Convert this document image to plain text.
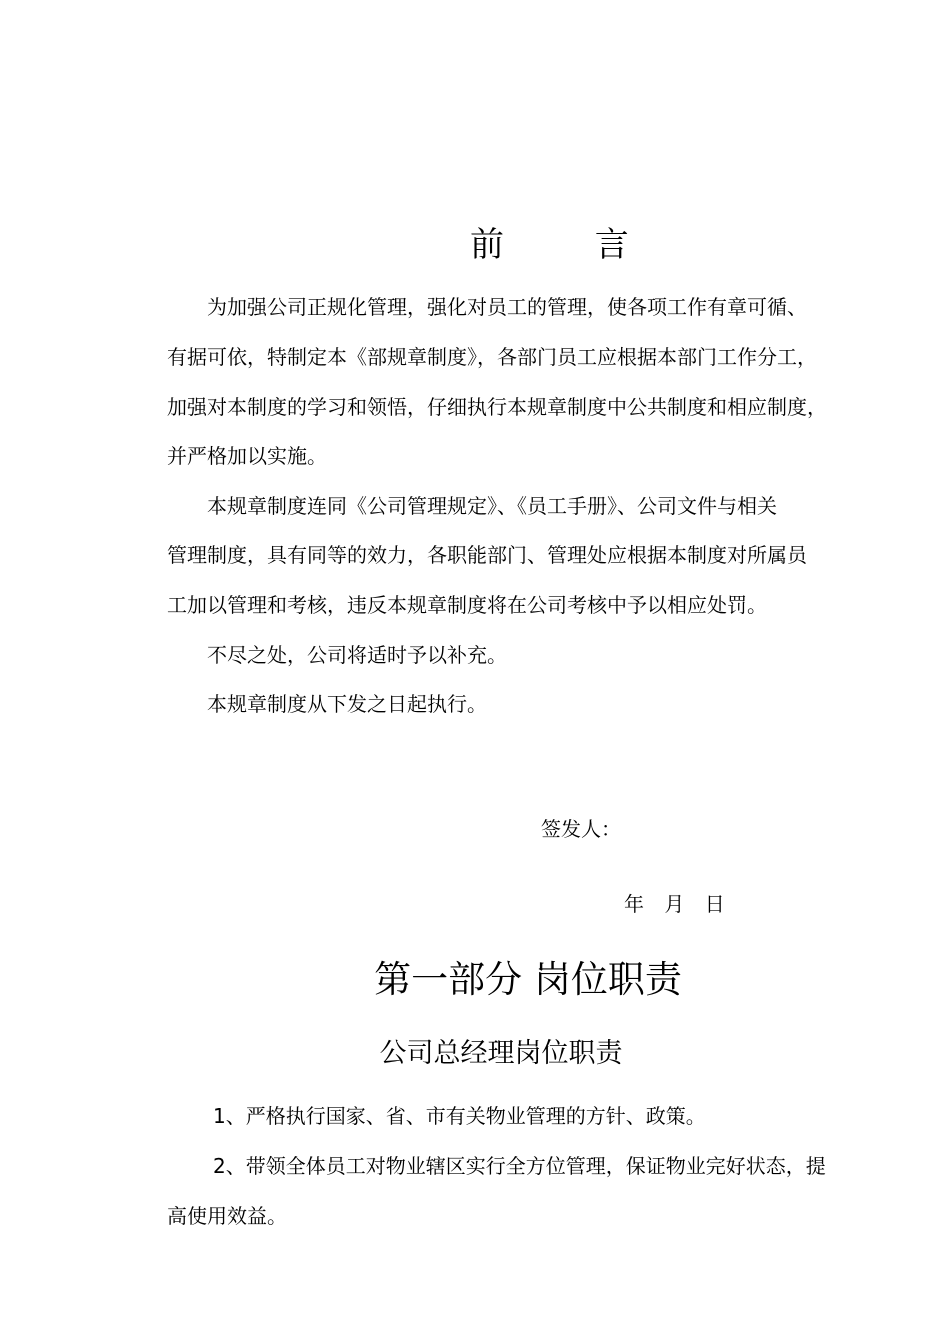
前 言
为加强公司正规化管理，强化对员工的管理，使各项工作有章可循、
有据可依，特制定本《部规章制度》，各部门员工应根据本部门工作分工，
加强对本制度的学习和领悟，仔细执行本规章制度中公共制度和相应制度，
并严格加以实施。
本规章制度连同《公司管理规定》、《员工手册》、公司文件与相关
管理制度，具有同等的效力，各职能部门、管理处应根据本制度对所属员
工加以管理和考核，违反本规章制度将在公司考核中予以相应处罚。
不尽之处，公司将适时予以补充。
本规章制度从下发之日起执行。
签发人：
年 月 日
第一部分 岗位职责
公司总经理岗位职责
1、严格执行国家、省、市有关物业管理的方针、政策。
2、带领全体员工对物业辖区实行全方位管理，保证物业完好状态，提
高使用效益。
